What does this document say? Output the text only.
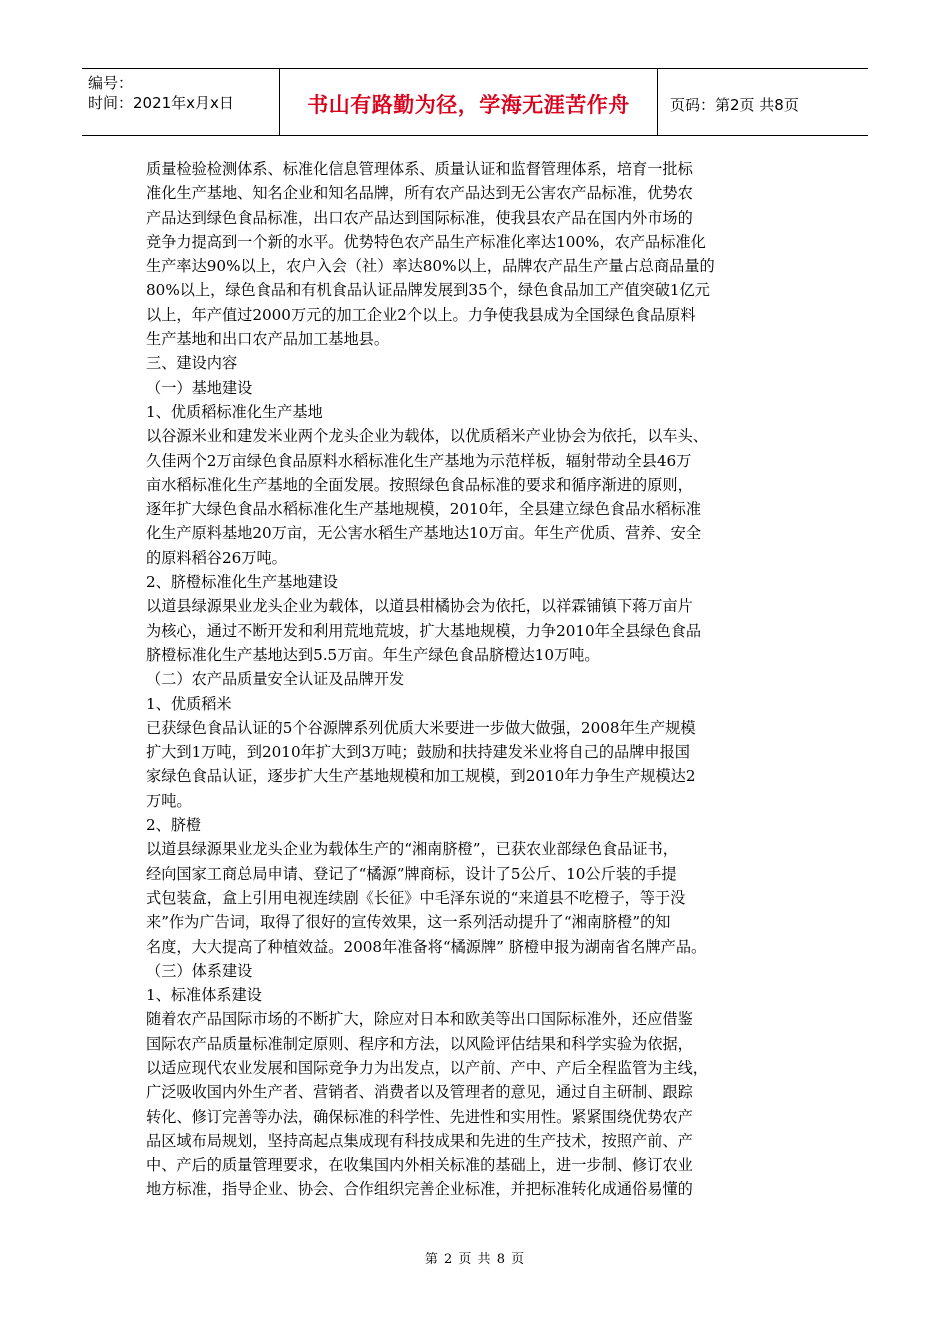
编号：
时间：2021年x月x日	书山有路勤为径，学海无涯苦作舟	页码：第2页 共8页

质量检验检测体系、标准化信息管理体系、质量认证和监督管理体系，培育一批标

准化生产基地、知名企业和知名品牌，所有农产品达到无公害农产品标准，优势农

产品达到绿色食品标准，出口农产品达到国际标准，使我县农产品在国内外市场的

竞争力提高到一个新的水平。优势特色农产品生产标准化率达100%，农产品标准化

生产率达90%以上，农户入会（社）率达80%以上，品牌农产品生产量占总商品量的

80%以上，绿色食品和有机食品认证品牌发展到35个，绿色食品加工产值突破1亿元

以上，年产值过2000万元的加工企业2个以上。力争使我县成为全国绿色食品原料

生产基地和出口农产品加工基地县。

三、建设内容

（一）基地建设

1、优质稻标准化生产基地

以谷源米业和建发米业两个龙头企业为载体，以优质稻米产业协会为依托，以车头、

久佳两个2万亩绿色食品原料水稻标准化生产基地为示范样板，辐射带动全县46万

亩水稻标准化生产基地的全面发展。按照绿色食品标准的要求和循序渐进的原则，

逐年扩大绿色食品水稻标准化生产基地规模，2010年，全县建立绿色食品水稻标准

化生产原料基地20万亩，无公害水稻生产基地达10万亩。年生产优质、营养、安全

的原料稻谷26万吨。

2、脐橙标准化生产基地建设

以道县绿源果业龙头企业为载体，以道县柑橘协会为依托，以祥霖铺镇下蒋万亩片

为核心，通过不断开发和利用荒地荒坡，扩大基地规模，力争2010年全县绿色食品

脐橙标准化生产基地达到5.5万亩。年生产绿色食品脐橙达10万吨。

（二）农产品质量安全认证及品牌开发

1、优质稻米

已获绿色食品认证的5个谷源牌系列优质大米要进一步做大做强，2008年生产规模

扩大到1万吨，到2010年扩大到3万吨；鼓励和扶持建发米业将自己的品牌申报国

家绿色食品认证，逐步扩大生产基地规模和加工规模，到2010年力争生产规模达2

万吨。

2、脐橙

以道县绿源果业龙头企业为载体生产的“湘南脐橙”，已获农业部绿色食品证书，

经向国家工商总局申请、登记了“橘源”牌商标，设计了5公斤、10公斤装的手提

式包装盒，盒上引用电视连续剧《长征》中毛泽东说的“来道县不吃橙子，等于没

来”作为广告词，取得了很好的宣传效果，这一系列活动提升了“湘南脐橙”的知

名度，大大提高了种植效益。2008年准备将“橘源牌” 脐橙申报为湖南省名牌产品。

（三）体系建设

1、标准体系建设

随着农产品国际市场的不断扩大，除应对日本和欧美等出口国际标准外，还应借鉴

国际农产品质量标准制定原则、程序和方法，以风险评估结果和科学实验为依据，

以适应现代农业发展和国际竞争力为出发点，以产前、产中、产后全程监管为主线，

广泛吸收国内外生产者、营销者、消费者以及管理者的意见，通过自主研制、跟踪

转化、修订完善等办法，确保标准的科学性、先进性和实用性。紧紧围绕优势农产

品区域布局规划，坚持高起点集成现有科技成果和先进的生产技术，按照产前、产

中、产后的质量管理要求，在收集国内外相关标准的基础上，进一步制、修订农业

地方标准，指导企业、协会、合作组织完善企业标准，并把标准转化成通俗易懂的

第 2 页 共 8 页
